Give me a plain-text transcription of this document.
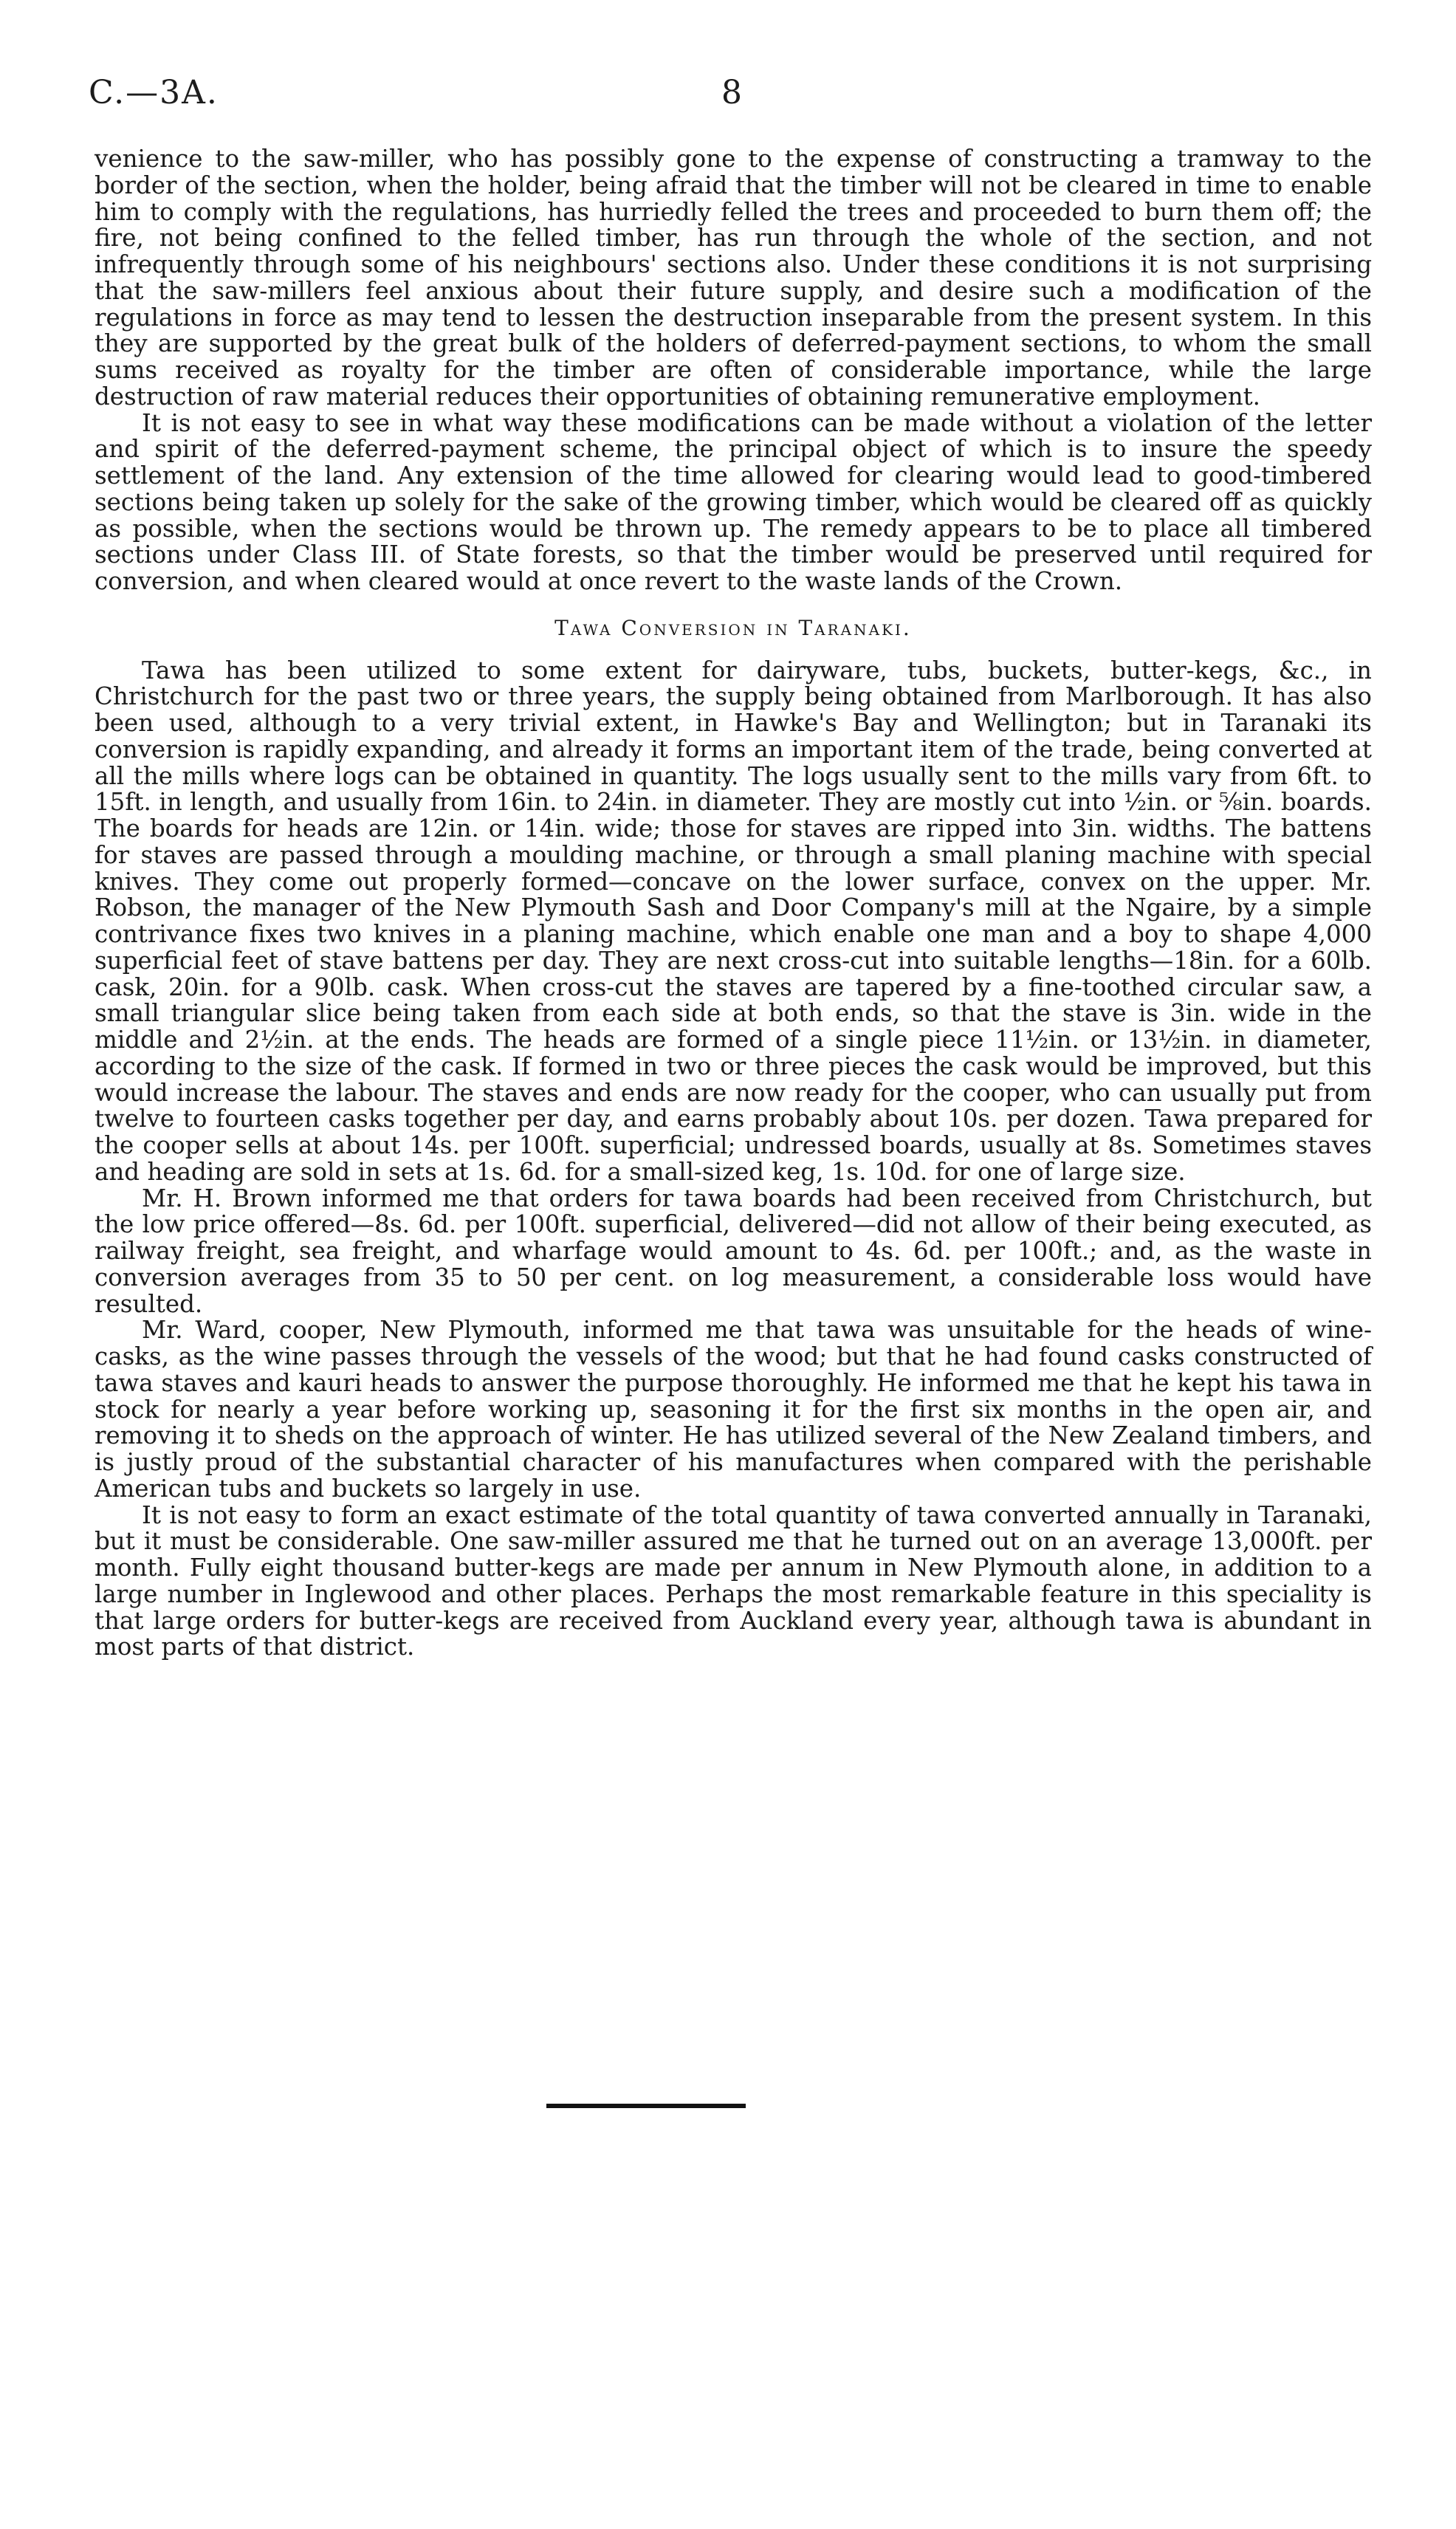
C.—3A.	8

venience to the saw-miller, who has possibly gone to the expense of constructing a tramway to the border of the section, when the holder, being afraid that the timber will not be cleared in time to enable him to comply with the regulations, has hurriedly felled the trees and proceeded to burn them off; the fire, not being confined to the felled timber, has run through the whole of the section, and not infrequently through some of his neighbours' sections also. Under these conditions it is not surprising that the saw-millers feel anxious about their future supply, and desire such a modification of the regulations in force as may tend to lessen the destruction inseparable from the present system. In this they are supported by the great bulk of the holders of deferred-payment sections, to whom the small sums received as royalty for the timber are often of considerable importance, while the large destruction of raw material reduces their opportunities of obtaining remunerative employment.

It is not easy to see in what way these modifications can be made without a violation of the letter and spirit of the deferred-payment scheme, the principal object of which is to insure the speedy settlement of the land. Any extension of the time allowed for clearing would lead to good-timbered sections being taken up solely for the sake of the growing timber, which would be cleared off as quickly as possible, when the sections would be thrown up. The remedy appears to be to place all timbered sections under Class III. of State forests, so that the timber would be preserved until required for conversion, and when cleared would at once revert to the waste lands of the Crown.

Tawa Conversion in Taranaki.

Tawa has been utilized to some extent for dairyware, tubs, buckets, butter-kegs, &c., in Christchurch for the past two or three years, the supply being obtained from Marlborough. It has also been used, although to a very trivial extent, in Hawke's Bay and Wellington; but in Taranaki its conversion is rapidly expanding, and already it forms an important item of the trade, being converted at all the mills where logs can be obtained in quantity. The logs usually sent to the mills vary from 6ft. to 15ft. in length, and usually from 16in. to 24in. in diameter. They are mostly cut into ½in. or ⅝in. boards. The boards for heads are 12in. or 14in. wide; those for staves are ripped into 3in. widths. The battens for staves are passed through a moulding machine, or through a small planing machine with special knives. They come out properly formed—concave on the lower surface, convex on the upper. Mr. Robson, the manager of the New Plymouth Sash and Door Company's mill at the Ngaire, by a simple contrivance fixes two knives in a planing machine, which enable one man and a boy to shape 4,000 superficial feet of stave battens per day. They are next cross-cut into suitable lengths—18in. for a 60lb. cask, 20in. for a 90lb. cask. When cross-cut the staves are tapered by a fine-toothed circular saw, a small triangular slice being taken from each side at both ends, so that the stave is 3in. wide in the middle and 2½in. at the ends. The heads are formed of a single piece 11½in. or 13½in. in diameter, according to the size of the cask. If formed in two or three pieces the cask would be improved, but this would increase the labour. The staves and ends are now ready for the cooper, who can usually put from twelve to fourteen casks together per day, and earns probably about 10s. per dozen. Tawa prepared for the cooper sells at about 14s. per 100ft. superficial; undressed boards, usually at 8s. Sometimes staves and heading are sold in sets at 1s. 6d. for a small-sized keg, 1s. 10d. for one of large size.

Mr. H. Brown informed me that orders for tawa boards had been received from Christchurch, but the low price offered—8s. 6d. per 100ft. superficial, delivered—did not allow of their being executed, as railway freight, sea freight, and wharfage would amount to 4s. 6d. per 100ft.; and, as the waste in conversion averages from 35 to 50 per cent. on log measurement, a considerable loss would have resulted.

Mr. Ward, cooper, New Plymouth, informed me that tawa was unsuitable for the heads of wine-casks, as the wine passes through the vessels of the wood; but that he had found casks constructed of tawa staves and kauri heads to answer the purpose thoroughly. He informed me that he kept his tawa in stock for nearly a year before working up, seasoning it for the first six months in the open air, and removing it to sheds on the approach of winter. He has utilized several of the New Zealand timbers, and is justly proud of the substantial character of his manufactures when compared with the perishable American tubs and buckets so largely in use.

It is not easy to form an exact estimate of the total quantity of tawa converted annually in Taranaki, but it must be considerable. One saw-miller assured me that he turned out on an average 13,000ft. per month. Fully eight thousand butter-kegs are made per annum in New Plymouth alone, in addition to a large number in Inglewood and other places. Perhaps the most remarkable feature in this speciality is that large orders for butter-kegs are received from Auckland every year, although tawa is abundant in most parts of that district.
